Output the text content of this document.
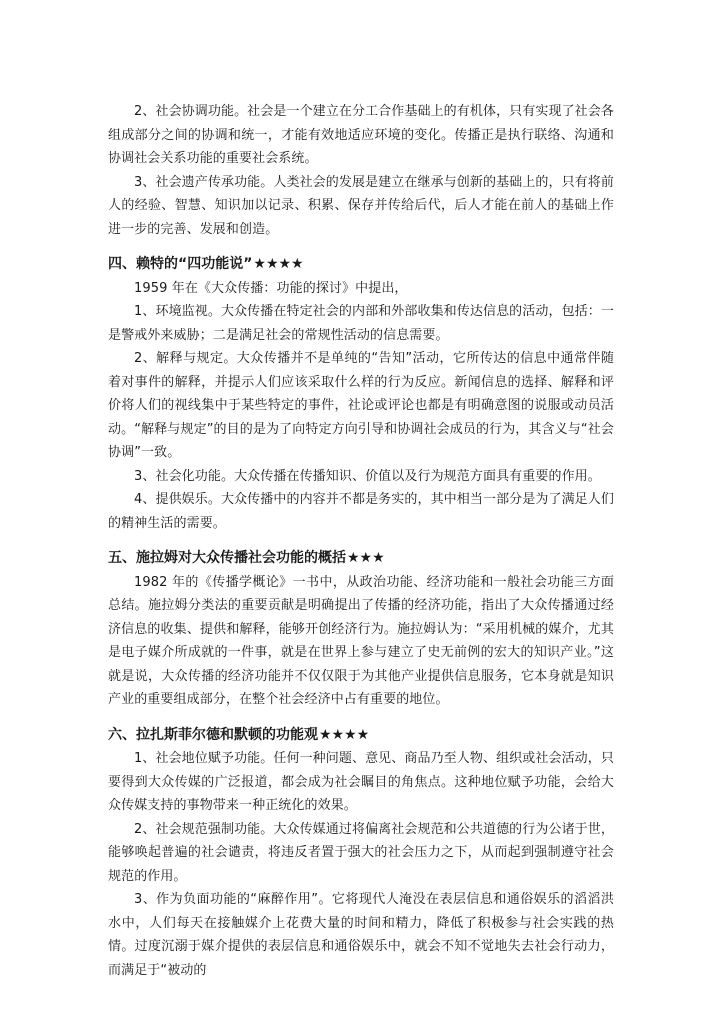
2、社会协调功能。社会是一个建立在分工合作基础上的有机体，只有实现了社会各组成部分之间的协调和统一，才能有效地适应环境的变化。传播正是执行联络、沟通和协调社会关系功能的重要社会系统。

3、社会遗产传承功能。人类社会的发展是建立在继承与创新的基础上的，只有将前人的经验、智慧、知识加以记录、积累、保存并传给后代，后人才能在前人的基础上作进一步的完善、发展和创造。

四、赖特的“四功能说”★★★★

1959 年在《大众传播：功能的探讨》中提出，

1、环境监视。大众传播在特定社会的内部和外部收集和传达信息的活动，包括：一是警戒外来威胁；二是满足社会的常规性活动的信息需要。

2、解释与规定。大众传播并不是单纯的“告知”活动，它所传达的信息中通常伴随着对事件的解释，并提示人们应该采取什么样的行为反应。新闻信息的选择、解释和评价将人们的视线集中于某些特定的事件，社论或评论也都是有明确意图的说服或动员活动。“解释与规定”的目的是为了向特定方向引导和协调社会成员的行为，其含义与“社会协调”一致。

3、社会化功能。大众传播在传播知识、价值以及行为规范方面具有重要的作用。

4、提供娱乐。大众传播中的内容并不都是务实的，其中相当一部分是为了满足人们的精神生活的需要。

五、施拉姆对大众传播社会功能的概括★★★

1982 年的《传播学概论》一书中，从政治功能、经济功能和一般社会功能三方面总结。施拉姆分类法的重要贡献是明确提出了传播的经济功能，指出了大众传播通过经济信息的收集、提供和解释，能够开创经济行为。施拉姆认为：“采用机械的媒介，尤其是电子媒介所成就的一件事，就是在世界上参与建立了史无前例的宏大的知识产业。”这就是说，大众传播的经济功能并不仅仅限于为其他产业提供信息服务，它本身就是知识产业的重要组成部分，在整个社会经济中占有重要的地位。

六、拉扎斯菲尔德和默顿的功能观★★★★

1、社会地位赋予功能。任何一种问题、意见、商品乃至人物、组织或社会活动，只要得到大众传媒的广泛报道，都会成为社会瞩目的角焦点。这种地位赋予功能，会给大众传媒支持的事物带来一种正统化的效果。

2、社会规范强制功能。大众传媒通过将偏离社会规范和公共道德的行为公诸于世，能够唤起普遍的社会谴责，将违反者置于强大的社会压力之下，从而起到强制遵守社会规范的作用。

3、作为负面功能的“麻醉作用”。它将现代人淹没在表层信息和通俗娱乐的滔滔洪水中，人们每天在接触媒介上花费大量的时间和精力，降低了积极参与社会实践的热情。过度沉溺于媒介提供的表层信息和通俗娱乐中，就会不知不觉地失去社会行动力，而满足于“被动的
